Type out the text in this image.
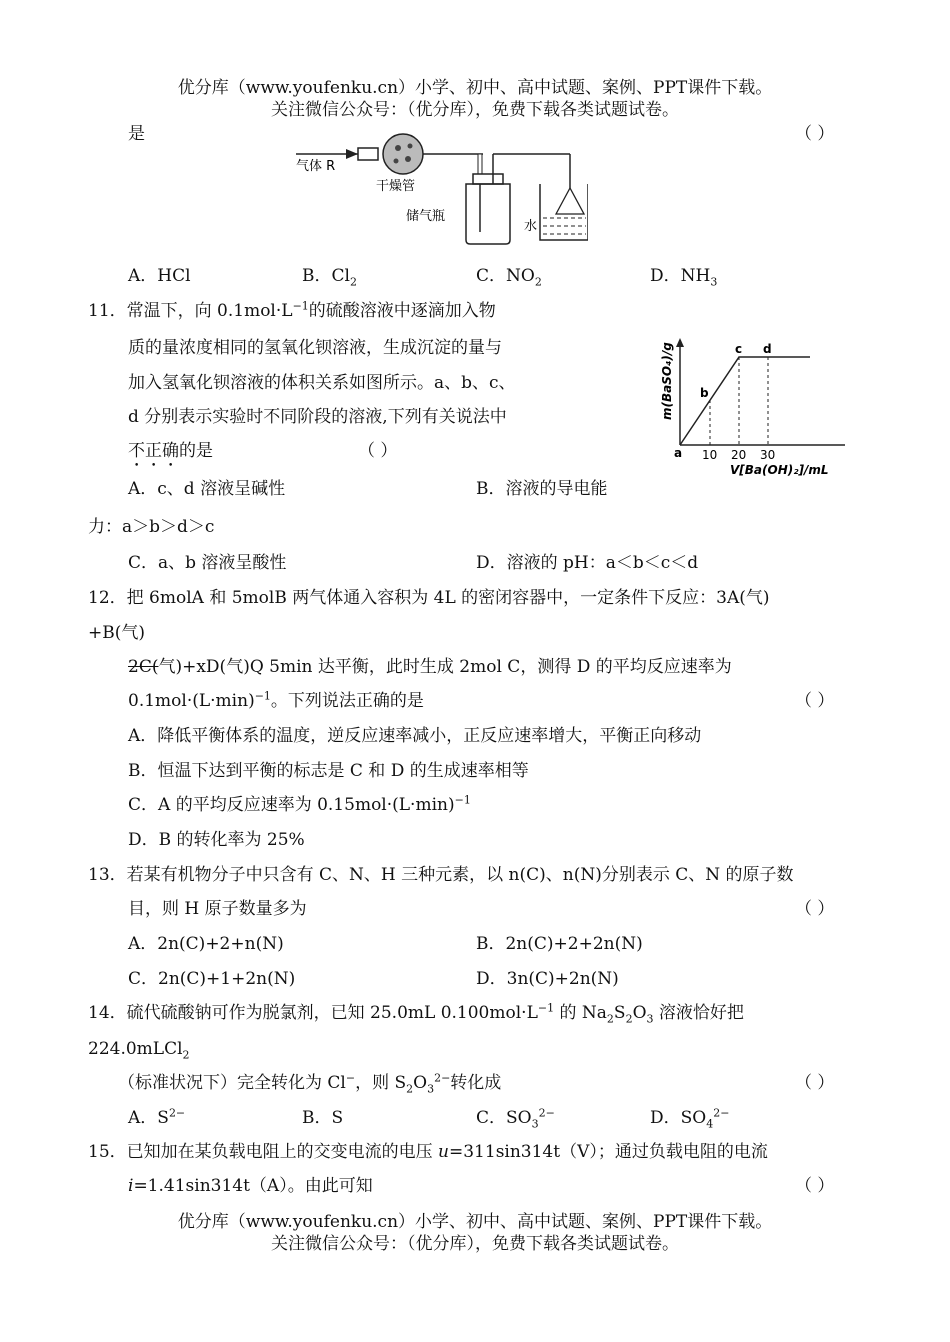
优分库（www.youfenku.cn）小学、初中、高中试题、案例、PPT课件下载。
关注微信公众号：（优分库），免费下载各类试题试卷。
是	（ ）
气体 R
干燥管
储气瓶
水
A．HCl	B．$Cl_2$	C．$NO_2$	D．$NH_3$
11．常温下，向 $0.1mol\cdot L^{-1}$的硫酸溶液中逐滴加入物
质的量浓度相同的氢氧化钡溶液，生成沉淀的量与
加入氢氧化钡溶液的体积关系如图所示。a、b、c、
d 分别表示实验时不同阶段的溶液,下列有关说法中
不正确的是	（ ）
m(BaSO₄)/g
a
b
c d
10 20 30
V[Ba(OH)₂]/mL
A．c、d 溶液呈碱性	B．溶液的导电能
力：a＞b＞d＞c
C．a、b 溶液呈酸性	D．溶液的 pH：a＜b＜c＜d
12．把 6molA 和 5molB 两气体通入容积为 4L 的密闭容器中，一定条件下反应：3A(气)
+B(气)
2C(气)+xD(气)Q 5min 达平衡，此时生成 2mol C，测得 D 的平均反应速率为
$0.1mol\cdot(L\cdot\min)^{-1}$。下列说法正确的是	（ ）
A．降低平衡体系的温度，逆反应速率减小，正反应速率增大，平衡正向移动
B．恒温下达到平衡的标志是 C 和 D 的生成速率相等
C．A 的平均反应速率为 $0.15mol\cdot(L\cdot\min)^{-1}$
D．B 的转化率为 25%
13．若某有机物分子中只含有 C、N、H 三种元素，以 n(C)、n(N)分别表示 C、N 的原子数
目，则 H 原子数量多为	（ ）
A．2n(C)+2+n(N)	B．2n(C)+2+2n(N)
C．2n(C)+1+2n(N)	D．3n(C)+2n(N)
14．硫代硫酸钠可作为脱氯剂，已知 25.0mL $0.100mol\cdot L^{-1}$ 的 $Na_2S_2O_3$ 溶液恰好把
224.0mLCl$_2$
（标准状况下）完全转化为 Cl−，则 $S_2O_3^{2-}$转化成	（ ）
A．$S^{2-}$	B．S	C．$SO_3^{2-}$	D．$SO_4^{2-}$
15．已知加在某负载电阻上的交变电流的电压 u=311sin314t（V）；通过负载电阻的电流
i=1.41sin314t（A）。由此可知	（ ）
优分库（www.youfenku.cn）小学、初中、高中试题、案例、PPT课件下载。
关注微信公众号：（优分库），免费下载各类试题试卷。
